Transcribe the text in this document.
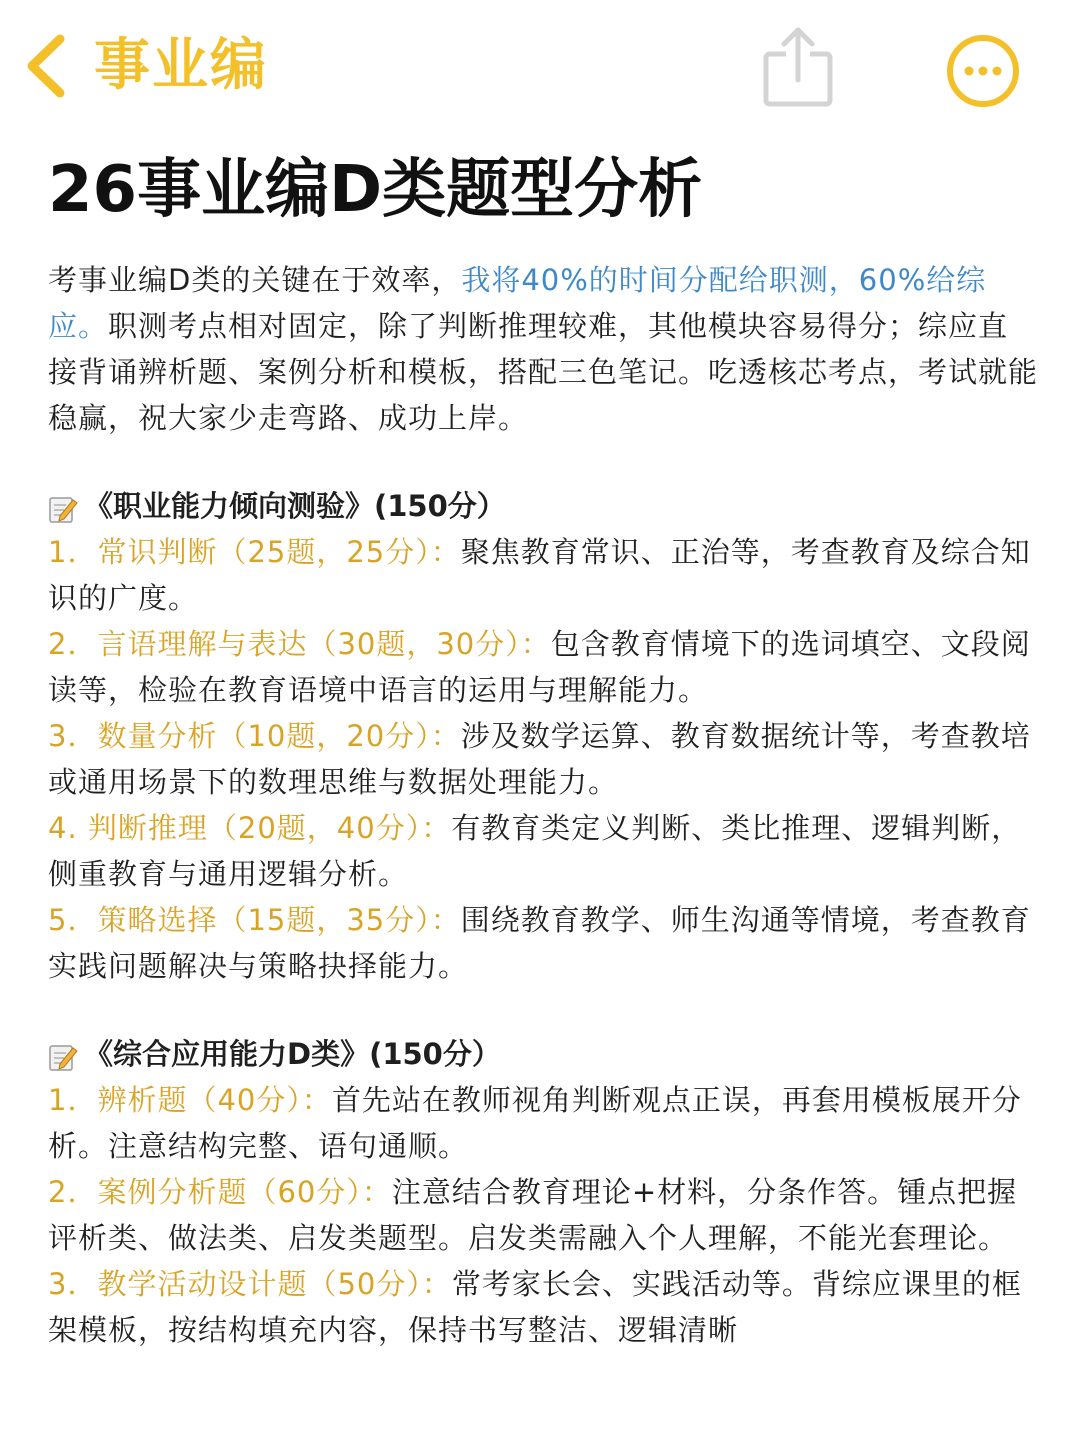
事业编
26事业编D类题型分析
考事业编D类的关键在于效率，我将40%的时间分配给职测，60%给综应。职测考点相对固定，除了判断推理较难，其他模块容易得分；综应直接背诵辨析题、案例分析和模板，搭配三色笔记。吃透核芯考点，考试就能稳赢，祝大家少走弯路、成功上岸。
《职业能力倾向测验》(150分）
1．常识判断（25题，25分）：聚焦教育常识、正治等，考查教育及综合知识的广度。
2．言语理解与表达（30题，30分）：包含教育情境下的选词填空、文段阅读等，检验在教育语境中语言的运用与理解能力。
3．数量分析（10题，20分）：涉及数学运算、教育数据统计等，考查教培或通用场景下的数理思维与数据处理能力。
4. 判断推理（20题，40分）：有教育类定义判断、类比推理、逻辑判断，侧重教育与通用逻辑分析。
5．策略选择（15题，35分）：围绕教育教学、师生沟通等情境，考查教育实践问题解决与策略抉择能力。
《综合应用能力D类》(150分）
1．辨析题（40分）：首先站在教师视角判断观点正误，再套用模板展开分析。注意结构完整、语句通顺。
2．案例分析题（60分）：注意结合教育理论+材料，分条作答。锺点把握评析类、做法类、启发类题型。启发类需融入个人理解，不能光套理论。
3．教学活动设计题（50分）：常考家长会、实践活动等。背综应课里的框架模板，按结构填充内容，保持书写整洁、逻辑清晰
